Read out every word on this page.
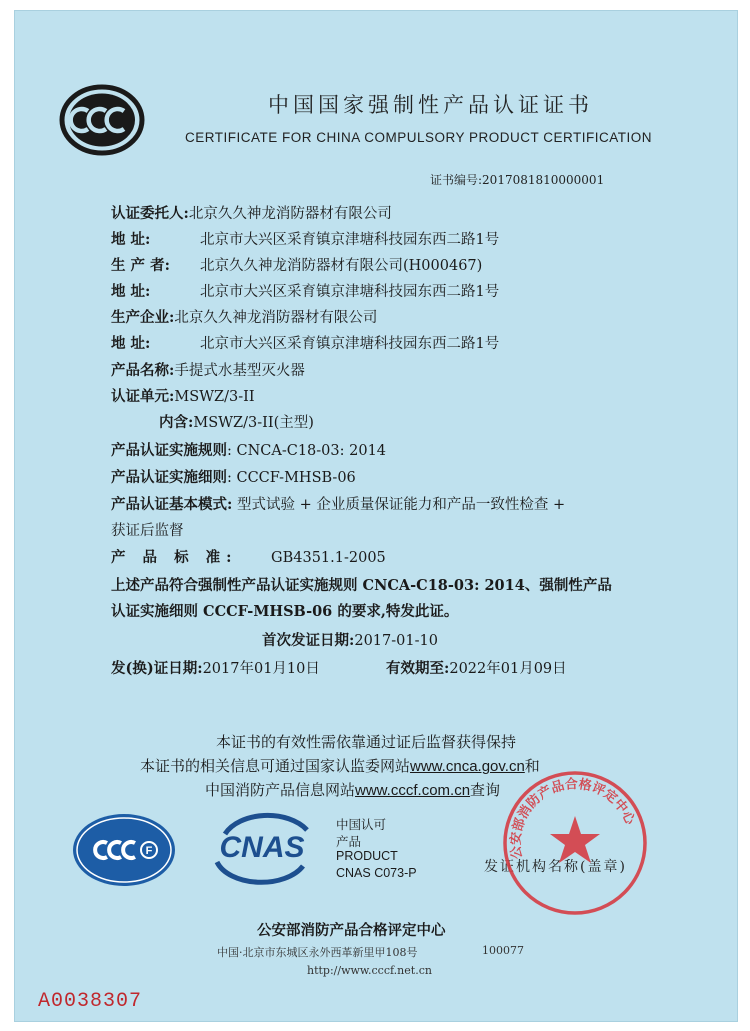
中国国家强制性产品认证证书
CERTIFICATE FOR CHINA COMPULSORY PRODUCT CERTIFICATION
证书编号:2017081810000001
认证委托人:北京久久神龙消防器材有限公司
地 址:	北京市大兴区采育镇京津塘科技园东西二路1号
生 产 者: 北京久久神龙消防器材有限公司(H000467)
地 址:	北京市大兴区采育镇京津塘科技园东西二路1号
生产企业:北京久久神龙消防器材有限公司
地 址:	北京市大兴区采育镇京津塘科技园东西二路1号
产品名称:手提式水基型灭火器
认证单元:MSWZ/3-II
内含:MSWZ/3-II(主型)
产品认证实施规则: CNCA-C18-03: 2014
产品认证实施细则: CCCF-MHSB-06
产品认证基本模式: 型式试验 + 企业质量保证能力和产品一致性检查 +
获证后监督
产 品 标 准: GB4351.1-2005
上述产品符合强制性产品认证实施规则 CNCA-C18-03: 2014、强制性产品
认证实施细则 CCCF-MHSB-06 的要求,特发此证。
首次发证日期:2017-01-10
发(换)证日期:2017年01月10日	有效期至:2022年01月09日
本证书的有效性需依靠通过证后监督获得保持
本证书的相关信息可通过国家认监委网站www.cnca.gov.cn和
中国消防产品信息网站www.cccf.com.cn查询
F CNAS
中国认可
产品
PRODUCT
CNAS C073-P	发证机构名称(盖章)
公安部消防产品合格评定中心
公安部消防产品合格评定中心
中国·北京市东城区永外西革新里甲108号	100077
http://www.cccf.net.cn
A0038307
